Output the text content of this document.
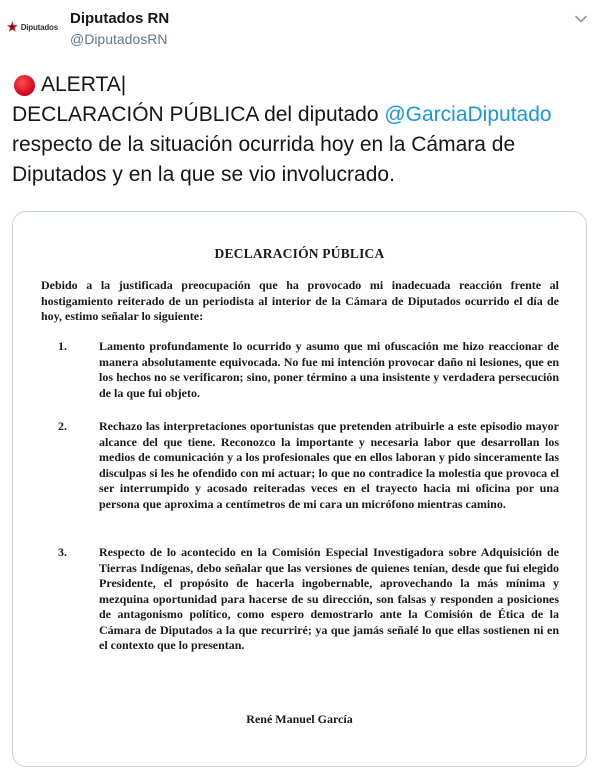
Diputados Diputados RN
@DiputadosRN
ALERTA|
DECLARACIÓN PÚBLICA del diputado @GarciaDiputado
respecto de la situación ocurrida hoy en la Cámara de
Diputados y en la que se vio involucrado.
DECLARACIÓN PÚBLICA
Debido a la justificada preocupación que ha provocado mi inadecuada reacción frente al hostigamiento reiterado de un periodista al interior de la Cámara de Diputados ocurrido el día de hoy, estimo señalar lo siguiente:
1.	Lamento profundamente lo ocurrido y asumo que mi ofuscación me hizo reaccionar de manera absolutamente equivocada. No fue mi intención provocar daño ni lesiones, que en los hechos no se verificaron; sino, poner término a una insistente y verdadera persecución de la que fui objeto.
2.	Rechazo las interpretaciones oportunistas que pretenden atribuirle a este episodio mayor alcance del que tiene. Reconozco la importante y necesaria labor que desarrollan los medios de comunicación y a los profesionales que en ellos laboran y pido sinceramente las disculpas si les he ofendido con mi actuar; lo que no contradice la molestia que provoca el ser interrumpido y acosado reiteradas veces en el trayecto hacia mi oficina por una persona que aproxima a centímetros de mi cara un micrófono mientras camino.
3.	Respecto de lo acontecido en la Comisión Especial Investigadora sobre Adquisición de Tierras Indígenas, debo señalar que las versiones de quienes tenían, desde que fui elegido Presidente, el propósito de hacerla ingobernable, aprovechando la más mínima y mezquina oportunidad para hacerse de su dirección, son falsas y responden a posiciones de antagonismo político, como espero demostrarlo ante la Comisión de Ética de la Cámara de Diputados a la que recurriré; ya que jamás señalé lo que ellas sostienen ni en el contexto que lo presentan.
René Manuel García
